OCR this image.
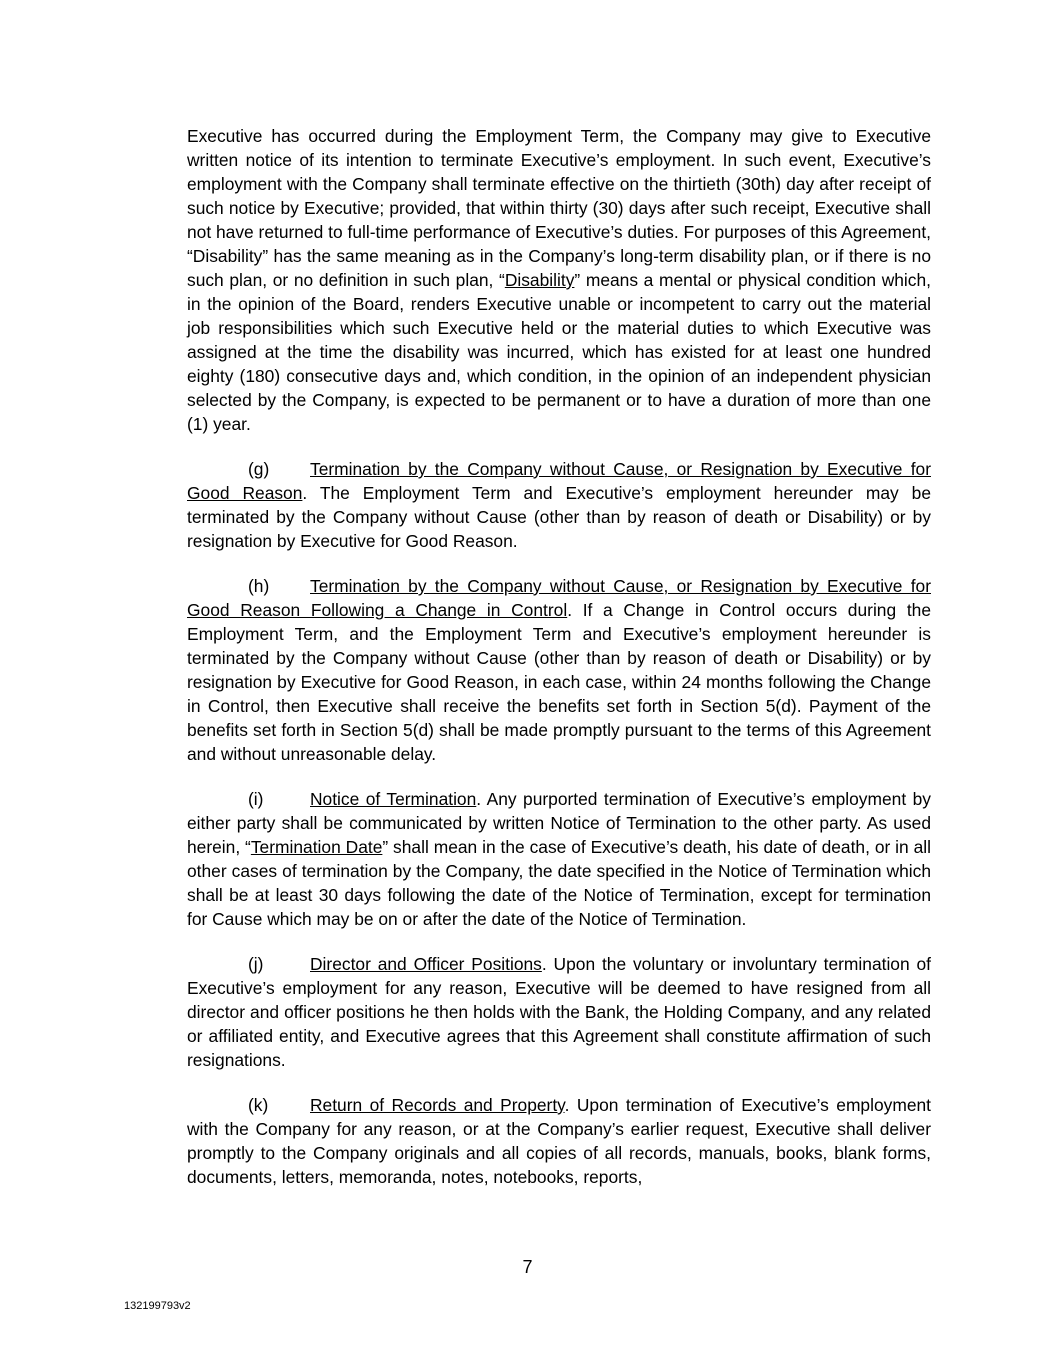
Executive has occurred during the Employment Term, the Company may give to Executive written notice of its intention to terminate Executive’s employment. In such event, Executive’s employment with the Company shall terminate effective on the thirtieth (30th) day after receipt of such notice by Executive; provided, that within thirty (30) days after such receipt, Executive shall not have returned to full-time performance of Executive’s duties. For purposes of this Agreement, “Disability” has the same meaning as in the Company’s long-term disability plan, or if there is no such plan, or no definition in such plan, “Disability” means a mental or physical condition which, in the opinion of the Board, renders Executive unable or incompetent to carry out the material job responsibilities which such Executive held or the material duties to which Executive was assigned at the time the disability was incurred, which has existed for at least one hundred eighty (180) consecutive days and, which condition, in the opinion of an independent physician selected by the Company, is expected to be permanent or to have a duration of more than one (1) year.

(g) Termination by the Company without Cause, or Resignation by Executive for Good Reason. The Employment Term and Executive’s employment hereunder may be terminated by the Company without Cause (other than by reason of death or Disability) or by resignation by Executive for Good Reason.

(h) Termination by the Company without Cause, or Resignation by Executive for Good Reason Following a Change in Control. If a Change in Control occurs during the Employment Term, and the Employment Term and Executive’s employment hereunder is terminated by the Company without Cause (other than by reason of death or Disability) or by resignation by Executive for Good Reason, in each case, within 24 months following the Change in Control, then Executive shall receive the benefits set forth in Section 5(d). Payment of the benefits set forth in Section 5(d) shall be made promptly pursuant to the terms of this Agreement and without unreasonable delay.

(i)	Notice of Termination. Any purported termination of Executive’s employment by either party shall be communicated by written Notice of Termination to the other party. As used herein, “Termination Date” shall mean in the case of Executive’s death, his date of death, or in all other cases of termination by the Company, the date specified in the Notice of Termination which shall be at least 30 days following the date of the Notice of Termination, except for termination for Cause which may be on or after the date of the Notice of Termination.

(j)	Director and Officer Positions. Upon the voluntary or involuntary termination of Executive’s employment for any reason, Executive will be deemed to have resigned from all director and officer positions he then holds with the Bank, the Holding Company, and any related or affiliated entity, and Executive agrees that this Agreement shall constitute affirmation of such resignations.

(k) Return of Records and Property. Upon termination of Executive’s employment with the Company for any reason, or at the Company’s earlier request, Executive shall deliver promptly to the Company originals and all copies of all records, manuals, books, blank forms, documents, letters, memoranda, notes, notebooks, reports,

7
132199793v2
